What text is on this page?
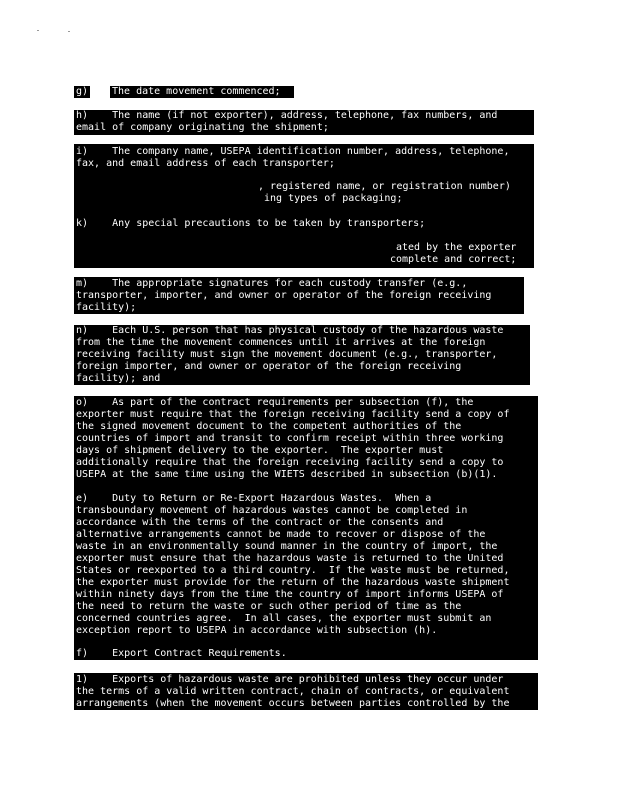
g) The date movement commenced;
h)    The name (if not exporter), address, telephone, fax numbers, and
email of company originating the shipment;
i)    The company name, USEPA identification number, address, telephone,
fax, and email address of each transporter;
, registered name, or registration number)
ing types of packaging;
k)    Any special precautions to be taken by transporters;
ated by the exporter
complete and correct;
m)    The appropriate signatures for each custody transfer (e.g.,
transporter, importer, and owner or operator of the foreign receiving
facility);
n)    Each U.S. person that has physical custody of the hazardous waste
from the time the movement commences until it arrives at the foreign
receiving facility must sign the movement document (e.g., transporter,
foreign importer, and owner or operator of the foreign receiving
facility); and
o)    As part of the contract requirements per subsection (f), the
exporter must require that the foreign receiving facility send a copy of
the signed movement document to the competent authorities of the
countries of import and transit to confirm receipt within three working
days of shipment delivery to the exporter.  The exporter must
additionally require that the foreign receiving facility send a copy to
USEPA at the same time using the WIETS described in subsection (b)(1).
e)    Duty to Return or Re-Export Hazardous Wastes.  When a
transboundary movement of hazardous wastes cannot be completed in
accordance with the terms of the contract or the consents and
alternative arrangements cannot be made to recover or dispose of the
waste in an environmentally sound manner in the country of import, the
exporter must ensure that the hazardous waste is returned to the United
States or reexported to a third country.  If the waste must be returned,
the exporter must provide for the return of the hazardous waste shipment
within ninety days from the time the country of import informs USEPA of
the need to return the waste or such other period of time as the
concerned countries agree.  In all cases, the exporter must submit an
exception report to USEPA in accordance with subsection (h).
f)    Export Contract Requirements.
1)    Exports of hazardous waste are prohibited unless they occur under
the terms of a valid written contract, chain of contracts, or equivalent
arrangements (when the movement occurs between parties controlled by the
